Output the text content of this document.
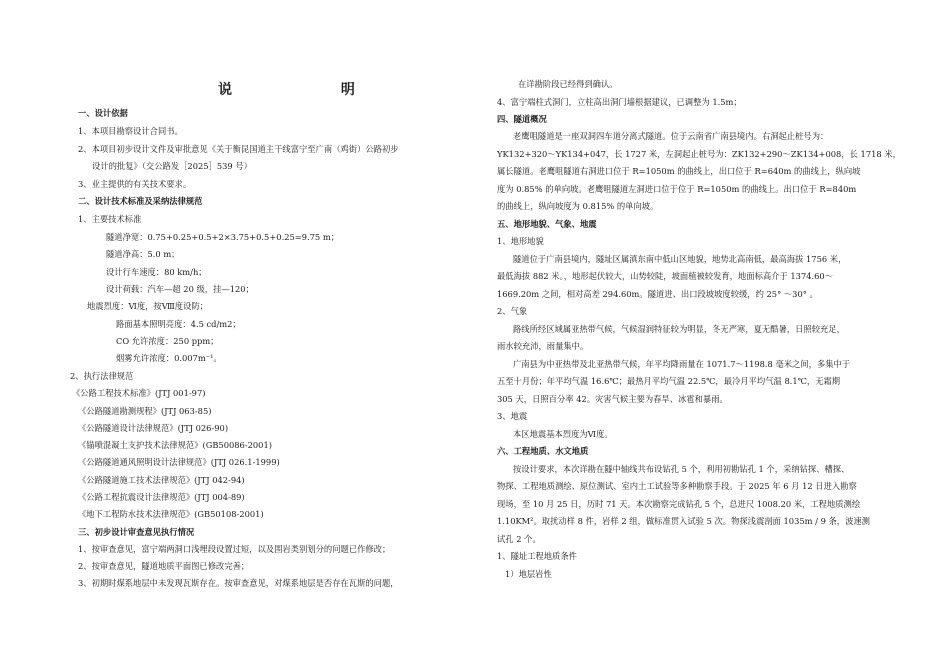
说 明
一、设计依据
1、本项目勘察设计合同书。
2、本项目初步设计文件及审批意见《关于衡昆国道主干线富宁至广南（鸡街）公路初步
设计的批复》（交公路发［2025］539 号）
3、业主提供的有关技术要求。
二、设计技术标准及采纳法律规范
1、主要技术标准
隧道净宽：0.75+0.25+0.5+2×3.75+0.5+0.25=9.75 m；
隧道净高：5.0 m；
设计行车速度：80 km/h；
设计荷载：汽车—超 20 级，挂—120；
地震烈度：Ⅵ度，按Ⅷ度设防；
路面基本照明亮度：4.5 cd/m2；
CO 允许浓度：250 ppm；
烟雾允许浓度：0.007m⁻¹。
2、执行法律规范
《公路工程技术标准》(JTJ 001-97)
《公路隧道勘测规程》(JTJ 063-85)
《公路隧道设计法律规范》(JTJ 026-90)
《锚喷混凝土支护技术法律规范》(GB50086-2001)
《公路隧道通风照明设计法律规范》(JTJ 026.1-1999)
《公路隧道施工技术法律规范》(JTJ 042-94)
《公路工程抗震设计法律规范》(JTJ 004-89)
《地下工程防水技术法律规范》(GB50108-2001)
三、初步设计审查意见执行情况
1、按审查意见，富宁端两洞口浅埋段设置过短，以及围岩类别划分的问题已作修改；
2、按审查意见，隧道地质平面图已修改完善；
3、初期时煤系地层中未发现瓦斯存在。按审查意见，对煤系地层是否存在瓦斯的问题，
在详勘阶段已经得到确认。
4、富宁端柱式洞门，立柱高出洞门墙根据建议，已调整为 1.5m；
四、隧道概况
老鹰咀隧道是一座双洞四车道分离式隧道。位于云南省广南县境内。右洞起止桩号为：
YK132+320～YK134+047，长 1727 米，左洞起止桩号为：ZK132+290～ZK134+008，长 1718 米，
属长隧道。老鹰咀隧道右洞进口位于 R=1050m 的曲线上，出口位于 R=640m 的曲线上，纵向坡
度为 0.85% 的单向坡。老鹰咀隧道左洞进口位于位于 R=1050m 的曲线上。出口位于 R=840m
的曲线上，纵向坡度为 0.815% 的单向坡。
五、地形地貌、气象、地震
1、地形地貌
隧道位于广南县境内，隧址区属滇东南中低山区地貌，地势北高南低，最高海拔 1756 米，
最低海拔 882 米。，地形起伏较大，山势较陡，坡面植被较发育，地面标高介于 1374.60～
1669.20m 之间，相对高差 294.60m。隧道进、出口段坡坡度较缓，约 25° ～30° 。
2、气象
路线所经区域属亚热带气候，气候湿润特征较为明显，冬无严寒，夏无酷暑，日照较充足，
雨水较充沛，雨量集中。
广南县为中亚热带及北亚热带气候，年平均降雨量在 1071.7～1198.8 毫米之间，多集中于
五至十月份；年平均气温 16.6℃；最热月平均气温 22.5℃，最冷月平均气温 8.1℃，无霜期
305 天，日照百分率 42。灾害气候主要为春旱、冰雹和暴雨。
3、地震
本区地震基本烈度为Ⅵ度。
六、工程地质、水文地质
按设计要求，本次详勘在隧中轴线共布设钻孔 5 个，利用初勘钻孔 1 个，采纳钻探、槽探、
物探、工程地质测绘、原位测试、室内土工试验等多种勘察手段。于 2025 年 6 月 12 日进入勘察
现场，至 10 月 25 日，历时 71 天。本次勘察完成钻孔 5 个，总进尺 1008.20 米，工程地质测绘
1.10KM²。取扰动样 8 件，岩样 2 组，做标准贯入试验 5 次。物探浅震剖面 1035m / 9 条，波速测
试孔 2 个。
1、隧址工程地质条件
1）地层岩性
